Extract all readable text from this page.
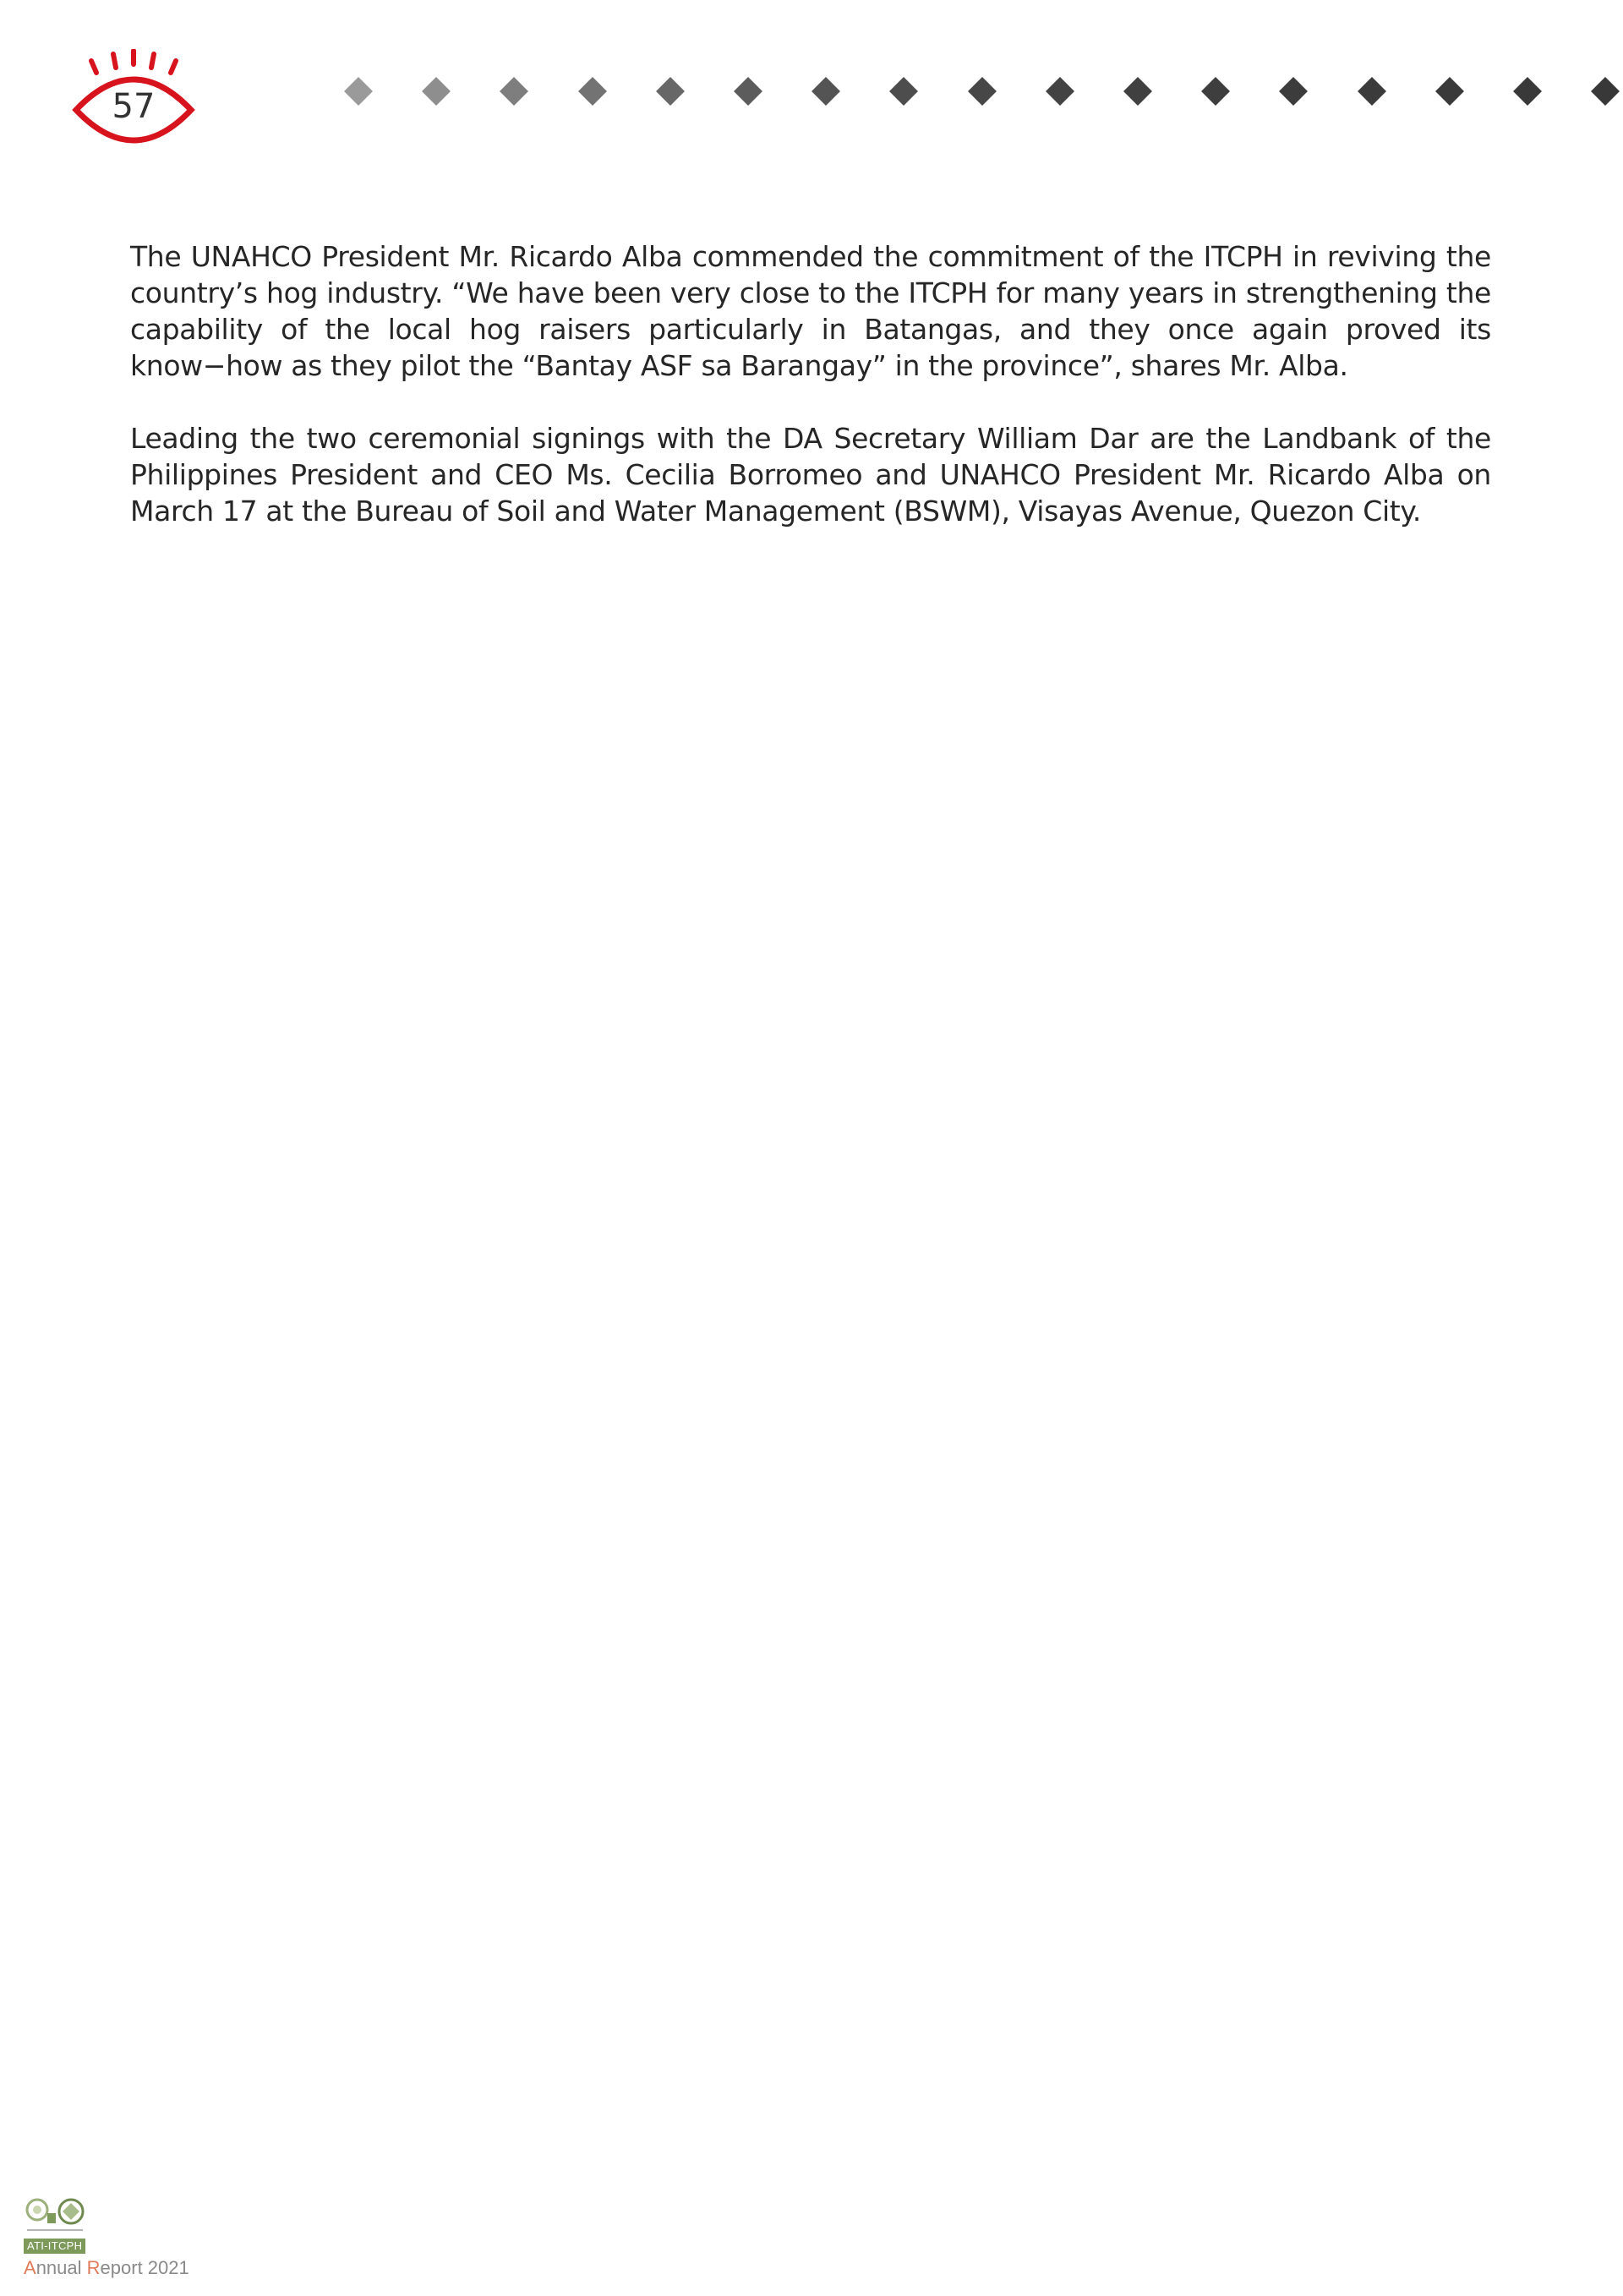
57

The UNAHCO President Mr. Ricardo Alba commended the commitment of the ITCPH in reviving the country’s hog industry. “We have been very close to the ITCPH for many years in strengthening the capability of the local hog raisers particularly in Batangas, and they once again proved its know−how as they pilot the “Bantay ASF sa Barangay” in the province”, shares Mr. Alba.

Leading the two ceremonial signings with the DA Secretary William Dar are the Landbank of the Philippines President and CEO Ms. Cecilia Borromeo and UNAHCO President Mr. Ricardo Alba on March 17 at the Bureau of Soil and Water Management (BSWM), Visayas Avenue, Quezon City.

ATI-ITCPH
Annual Report 2021
